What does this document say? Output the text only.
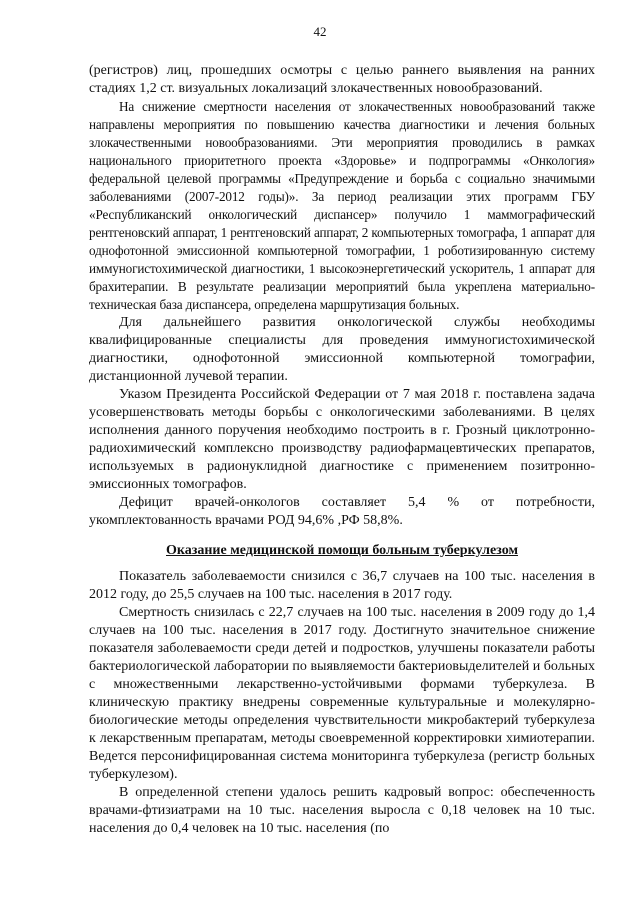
42

(регистров) лиц, прошедших осмотры с целью раннего выявления на ранних стадиях 1,2 ст. визуальных локализаций злокачественных новообразований.

На снижение смертности населения от злокачественных новообразований также направлены мероприятия по повышению качества диагностики и лечения больных злокачественными новообразованиями. Эти мероприятия проводились в рамках национального приоритетного проекта «Здоровье» и подпрограммы «Онкология» федеральной целевой программы «Предупреждение и борьба с социально значимыми заболеваниями (2007-2012 годы)». За период реализации этих программ ГБУ «Республиканский онкологический диспансер» получило 1 маммографический рентгеновский аппарат, 1 рентгеновский аппарат, 2 компьютерных томографа, 1 аппарат для однофотонной эмиссионной компьютерной томографии, 1 роботизированную систему иммуногистохимической диагностики, 1 высокоэнергетический ускоритель, 1 аппарат для брахитерапии. В результате реализации мероприятий была укреплена материально-техническая база диспансера, определена маршрутизация больных.

Для дальнейшего развития онкологической службы необходимы квалифицированные специалисты для проведения иммуногистохимической диагностики, однофотонной эмиссионной компьютерной томографии, дистанционной лучевой терапии.

Указом Президента Российской Федерации от 7 мая 2018 г. поставлена задача усовершенствовать методы борьбы с онкологическими заболеваниями. В целях исполнения данного поручения необходимо построить в г. Грозный циклотронно-радиохимический комплексно производству радиофармацевтических препаратов, используемых в радионуклидной диагностике с применением позитронно-эмиссионных томографов.

Дефицит врачей-онкологов составляет 5,4 % от потребности, укомплектованность врачами РОД 94,6% ,РФ 58,8%.

Оказание медицинской помощи больным туберкулезом

Показатель заболеваемости снизился с 36,7 случаев на 100 тыс. населения в 2012 году, до 25,5 случаев на 100 тыс. населения в 2017 году.

Смертность снизилась с 22,7 случаев на 100 тыс. населения в 2009 году до 1,4 случаев на 100 тыс. населения в 2017 году. Достигнуто значительное снижение показателя заболеваемости среди детей и подростков, улучшены показатели работы бактериологической лаборатории по выявляемости бактериовыделителей и больных с множественными лекарственно-устойчивыми формами туберкулеза. В клиническую практику внедрены современные культуральные и молекулярно-биологические методы определения чувствительности микробактерий туберкулеза к лекарственным препаратам, методы своевременной корректировки химиотерапии. Ведется персонифицированная система мониторинга туберкулеза (регистр больных туберкулезом).

В определенной степени удалось решить кадровый вопрос: обеспеченность врачами-фтизиатрами на 10 тыс. населения выросла с 0,18 человек на 10 тыс. населения до 0,4 человек на 10 тыс. населения (по
